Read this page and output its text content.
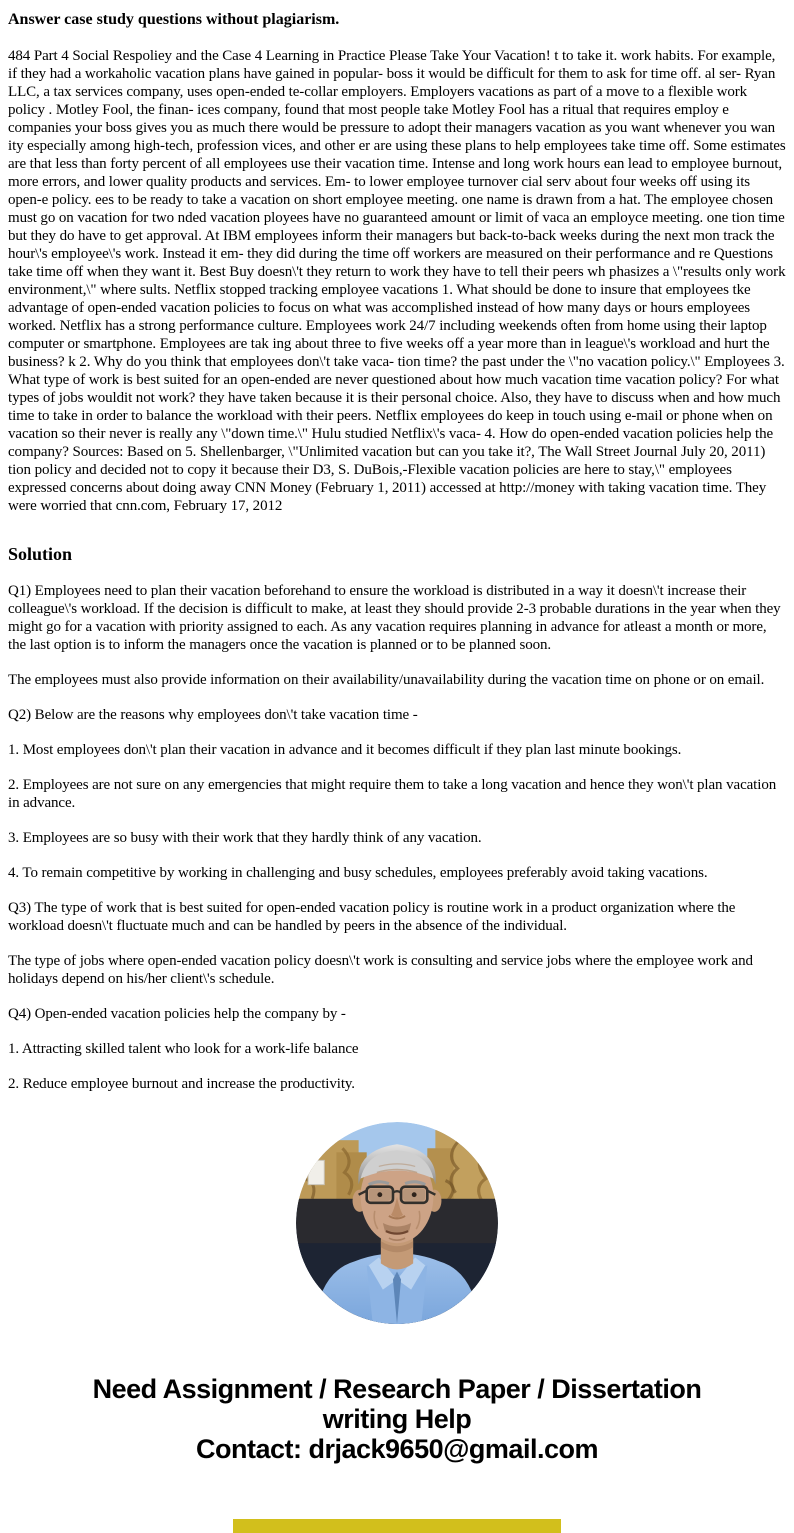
Answer case study questions without plagiarism.

484 Part 4 Social Respoliey and the Case 4 Learning in Practice Please Take Your Vacation! t to take it. work habits. For example, if they had a workaholic vacation plans have gained in popular- boss it would be difficult for them to ask for time off. al ser- Ryan LLC, a tax services company, uses open-ended te-collar employers. Employers vacations as part of a move to a flexible work policy . Motley Fool, the finan- ices company, found that most people take Motley Fool has a ritual that requires employ e companies your boss gives you as much there would be pressure to adopt their managers vacation as you want whenever you wan ity especially among high-tech, profession vices, and other er are using these plans to help employees take time off. Some estimates are that less than forty percent of all employees use their vacation time. Intense and long work hours ean lead to employee burnout, more errors, and lower quality products and services. Em- to lower employee turnover cial serv about four weeks off using its open-e policy. ees to be ready to take a vacation on short employee meeting. one name is drawn from a hat. The employee chosen must go on vacation for two nded vacation ployees have no guaranteed amount or limit of vaca an employce meeting. one tion time but they do have to get approval. At IBM employees inform their managers but back-to-back weeks during the next mon track the hour\'s employee\'s work. Instead it em- they did during the time off workers are measured on their performance and re Questions take time off when they want it. Best Buy doesn\'t they return to work they have to tell their peers wh phasizes a \"results only work environment,\" where sults. Netflix stopped tracking employee vacations 1. What should be done to insure that employees tke advantage of open-ended vacation policies to focus on what was accomplished instead of how many days or hours employees worked. Netflix has a strong performance culture. Employees work 24/7 including weekends often from home using their laptop computer or smartphone. Employees are tak ing about three to five weeks off a year more than in league\'s workload and hurt the business? k 2. Why do you think that employees don\'t take vaca- tion time? the past under the \"no vacation policy.\" Employees 3. What type of work is best suited for an open-ended are never questioned about how much vacation time vacation policy? For what types of jobs wouldit not work? they have taken because it is their personal choice. Also, they have to discuss when and how much time to take in order to balance the workload with their peers. Netflix employees do keep in touch using e-mail or phone when on vacation so their never is really any \"down time.\" Hulu studied Netflix\'s vaca- 4. How do open-ended vacation policies help the company? Sources: Based on 5. Shellenbarger, \"Unlimited vacation but can you take it?, The Wall Street Journal July 20, 2011) tion policy and decided not to copy it because their D3, S. DuBois,-Flexible vacation policies are here to stay,\" employees expressed concerns about doing away CNN Money (February 1, 2011) accessed at http://money with taking vacation time. They were worried that cnn.com, February 17, 2012

Solution

Q1) Employees need to plan their vacation beforehand to ensure the workload is distributed in a way it doesn\'t increase their colleague\'s workload. If the decision is difficult to make, at least they should provide 2-3 probable durations in the year when they might go for a vacation with priority assigned to each. As any vacation requires planning in advance for atleast a month or more, the last option is to inform the managers once the vacation is planned or to be planned soon.

The employees must also provide information on their availability/unavailability during the vacation time on phone or on email.

Q2) Below are the reasons why employees don\'t take vacation time -

1. Most employees don\'t plan their vacation in advance and it becomes difficult if they plan last minute bookings.

2. Employees are not sure on any emergencies that might require them to take a long vacation and hence they won\'t plan vacation in advance.

3. Employees are so busy with their work that they hardly think of any vacation.

4. To remain competitive by working in challenging and busy schedules, employees preferably avoid taking vacations.

Q3) The type of work that is best suited for open-ended vacation policy is routine work in a product organization where the workload doesn\'t fluctuate much and can be handled by peers in the absence of the individual.

The type of jobs where open-ended vacation policy doesn\'t work is consulting and service jobs where the employee work and holidays depend on his/her client\'s schedule.

Q4) Open-ended vacation policies help the company by -

1. Attracting skilled talent who look for a work-life balance

2. Reduce employee burnout and increase the productivity.

Need Assignment / Research Paper / Dissertation
writing Help
Contact: drjack9650@gmail.com
